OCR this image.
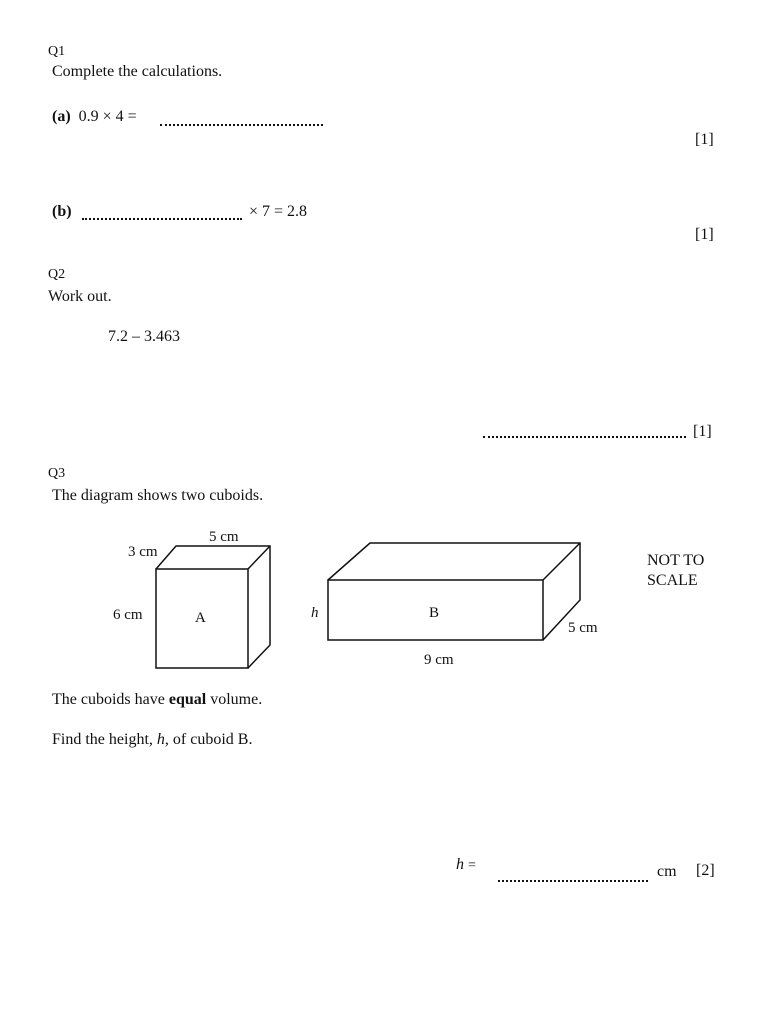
Q1
Complete the calculations.
(a) 0.9 × 4 =
[1]
(b)	× 7 = 2.8
[1]
Q2
Work out.
7.2 – 3.463
[1]
Q3
The diagram shows two cuboids.
5 cm
3 cm
6 cm	A	h	B
9 cm
5 cm
NOT TO
SCALE
The cuboids have equal volume.
Find the height, h, of cuboid B.
h =	cm [2]
